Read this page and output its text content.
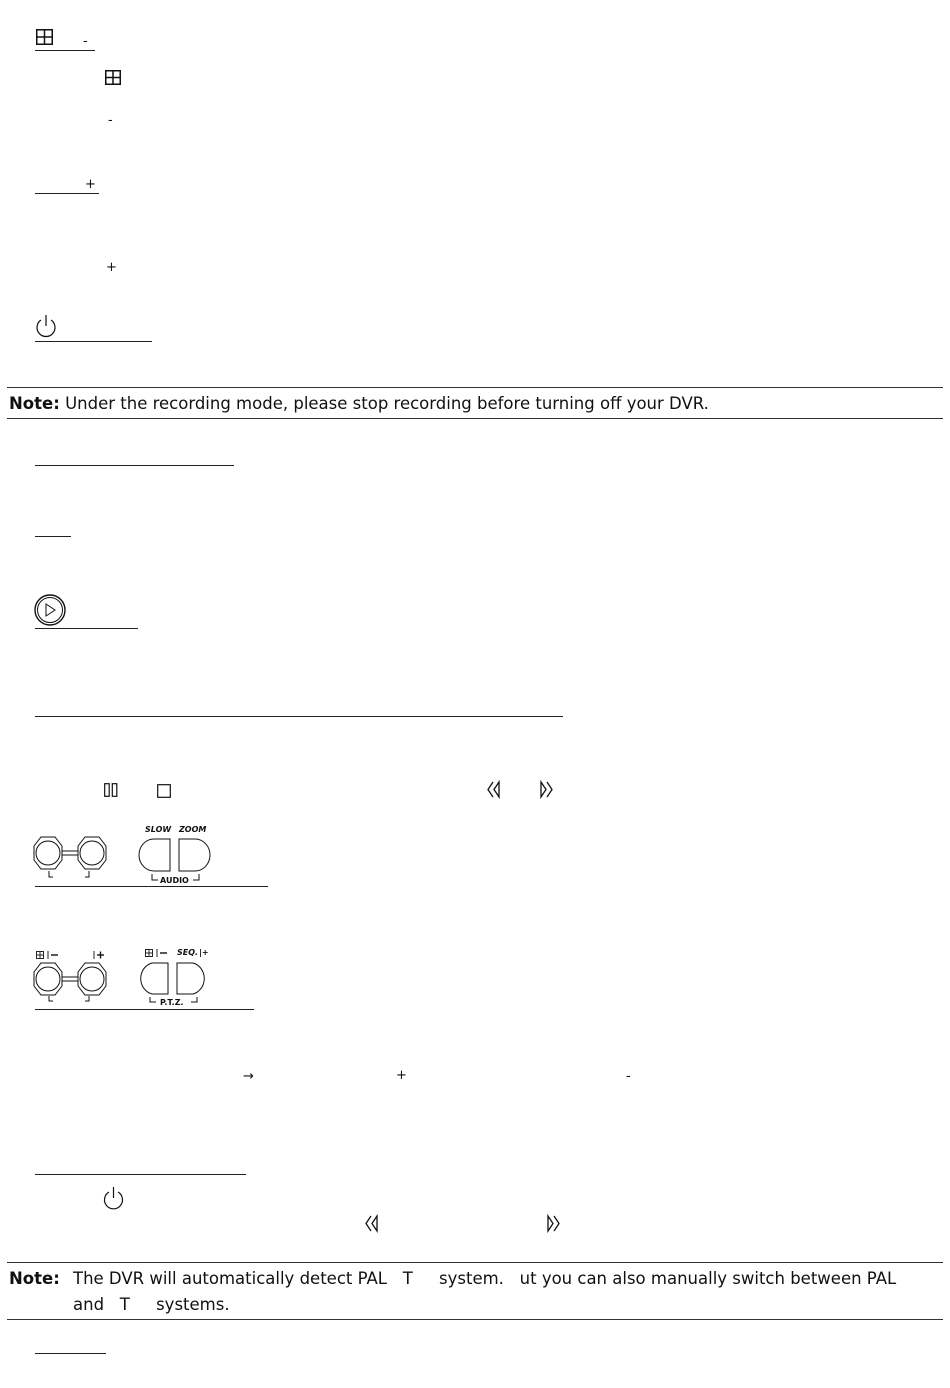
-
-
+
+
Note: Under the recording mode, please stop recording before turning off your DVR.
SLOW ZOOM
AUDIO
SEQ. |+
P.T.Z.
→	+	-
Note: The DVR will automatically detect PAL   T     system.   ut you can also manually switch between PAL
and   T     systems.
